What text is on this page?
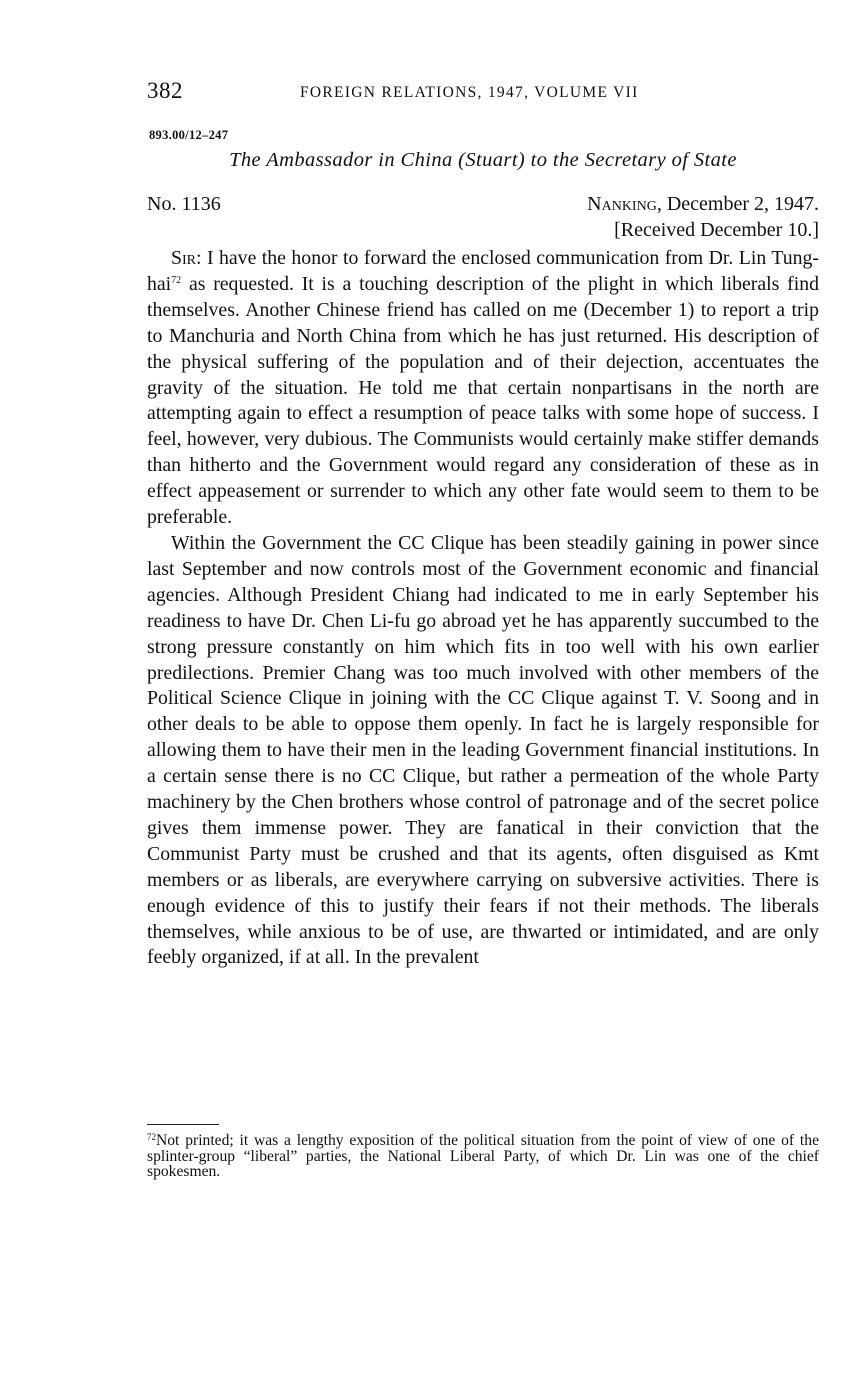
382	FOREIGN RELATIONS, 1947, VOLUME VII
893.00/12–247
The Ambassador in China (Stuart) to the Secretary of State
No. 1136	Nanking, December 2, 1947.
[Received December 10.]

Sir: I have the honor to forward the enclosed communication from Dr. Lin Tung-hai$^{72}$ as requested. It is a touching description of the plight in which liberals find themselves. Another Chinese friend has called on me (December 1) to report a trip to Manchuria and North China from which he has just returned. His description of the physical suffering of the population and of their dejection, accentuates the gravity of the situation. He told me that certain nonpartisans in the north are attempting again to effect a resumption of peace talks with some hope of success. I feel, however, very dubious. The Communists would certainly make stiffer demands than hitherto and the Government would regard any consideration of these as in effect appeasement or surrender to which any other fate would seem to them to be preferable.

Within the Government the CC Clique has been steadily gaining in power since last September and now controls most of the Government economic and financial agencies. Although President Chiang had indicated to me in early September his readiness to have Dr. Chen Li-fu go abroad yet he has apparently succumbed to the strong pressure constantly on him which fits in too well with his own earlier predilections. Premier Chang was too much involved with other members of the Political Science Clique in joining with the CC Clique against T. V. Soong and in other deals to be able to oppose them openly. In fact he is largely responsible for allowing them to have their men in the leading Government financial institutions. In a certain sense there is no CC Clique, but rather a permeation of the whole Party machinery by the Chen brothers whose control of patronage and of the secret police gives them immense power. They are fanatical in their conviction that the Communist Party must be crushed and that its agents, often disguised as Kmt members or as liberals, are everywhere carrying on subversive activities. There is enough evidence of this to justify their fears if not their methods. The liberals themselves, while anxious to be of use, are thwarted or intimidated, and are only feebly organized, if at all. In the prevalent

$^{72}$Not printed; it was a lengthy exposition of the political situation from the point of view of one of the splinter-group “liberal” parties, the National Liberal Party, of which Dr. Lin was one of the chief spokesmen.
